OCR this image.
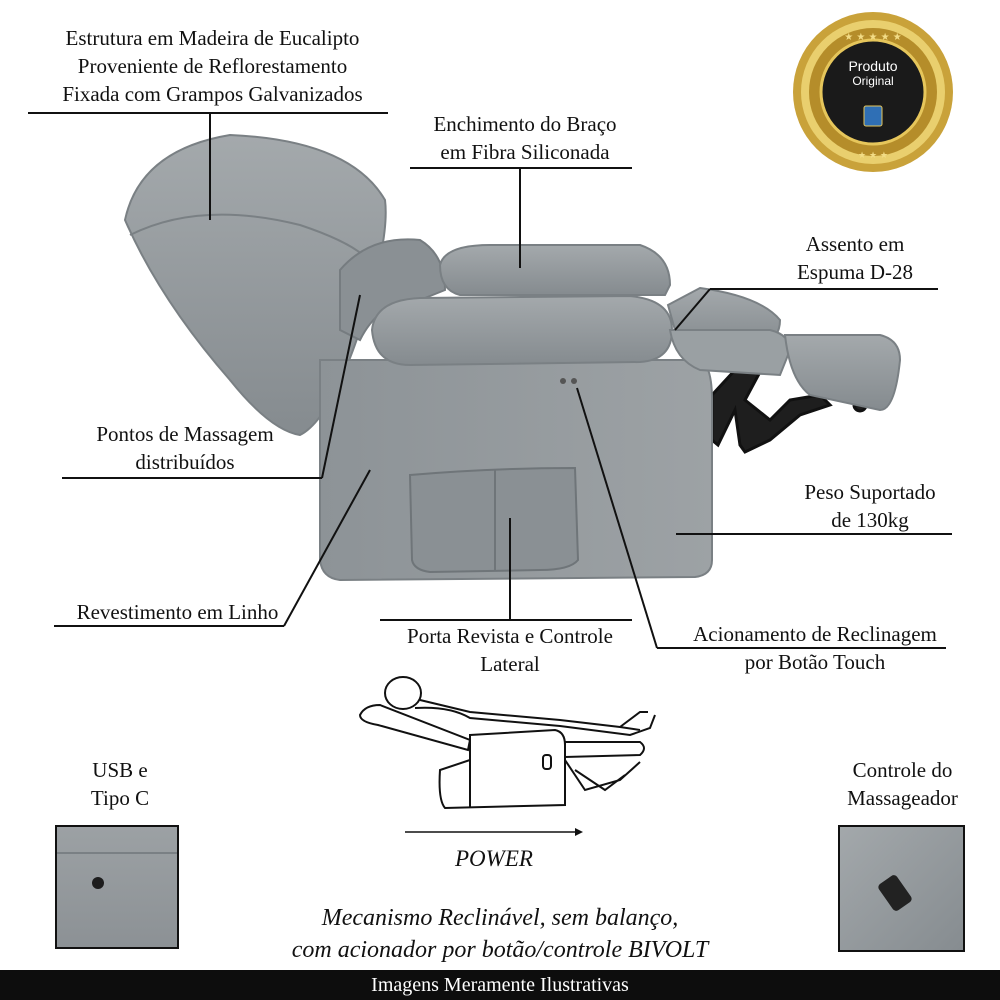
★ ★ ★ ★ ★
★ ★ ★
Produto
Original
Estrutura em Madeira de Eucalipto
Proveniente de Reflorestamento
Fixada com Grampos Galvanizados
Enchimento do Braço
em Fibra Siliconada
Assento em
Espuma D-28
Pontos de Massagem
distribuídos
Peso Suportado
de 130kg
Revestimento em Linho
Porta Revista e Controle
Lateral
Acionamento de Reclinagem
por Botão Touch
USB e
Tipo C
Controle do
Massageador
POWER
Mecanismo Reclinável, sem balanço,
com acionador por botão/controle BIVOLT
Imagens Meramente Ilustrativas
